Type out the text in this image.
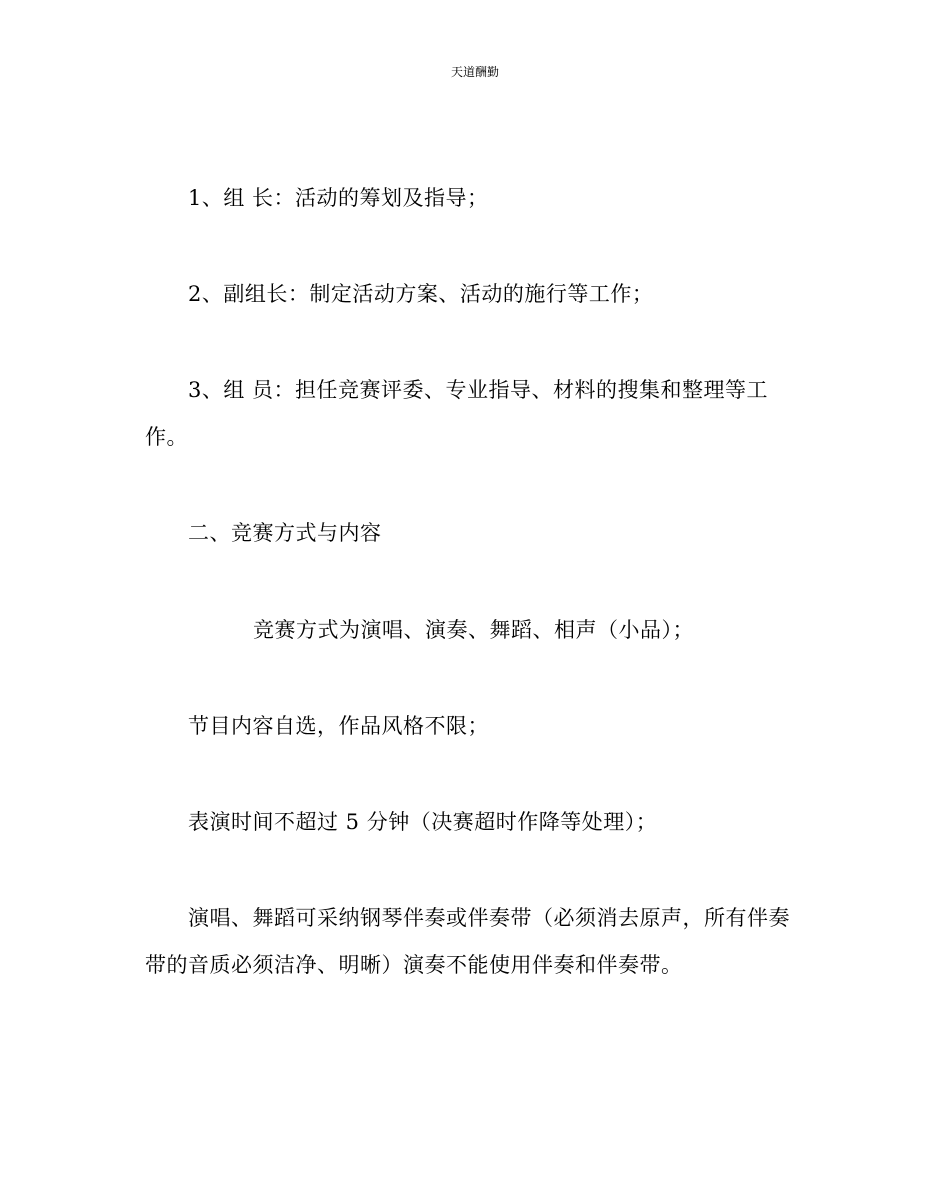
天道酬勤
1、组 长：活动的筹划及指导；
2、副组长：制定活动方案、活动的施行等工作；
3、组 员：担任竞赛评委、专业指导、材料的搜集和整理等工
作。
二、竞赛方式与内容
竞赛方式为演唱、演奏、舞蹈、相声（小品）；
节目内容自选，作品风格不限；
表演时间不超过 5 分钟（决赛超时作降等处理）；
演唱、舞蹈可采纳钢琴伴奏或伴奏带（必须消去原声，所有伴奏
带的音质必须洁净、明晰）演奏不能使用伴奏和伴奏带。
